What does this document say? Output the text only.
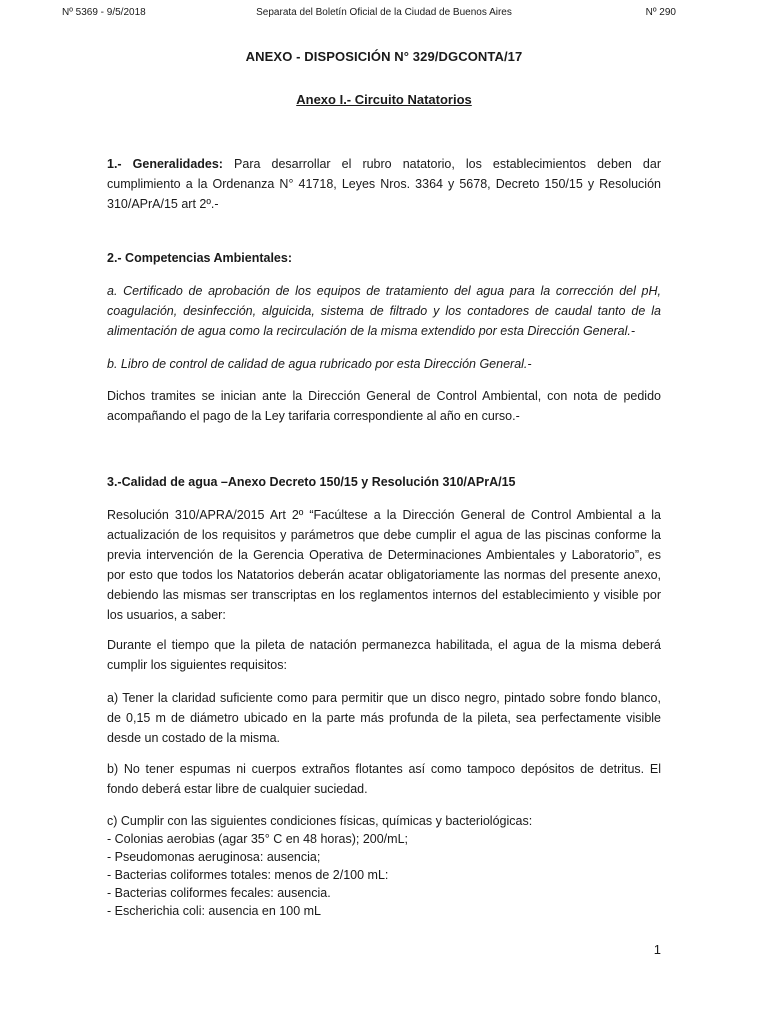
Nº 5369 - 9/5/2018	Separata del Boletín Oficial de la Ciudad de Buenos Aires	Nº 290
ANEXO - DISPOSICIÓN N° 329/DGCONTA/17
Anexo I.- Circuito Natatorios

1.- Generalidades: Para desarrollar el rubro natatorio, los establecimientos deben dar cumplimiento a la Ordenanza N° 41718, Leyes Nros. 3364 y 5678, Decreto 150/15 y Resolución 310/APrA/15 art 2º.-

2.- Competencias Ambientales:

a. Certificado de aprobación de los equipos de tratamiento del agua para la corrección del pH, coagulación, desinfección, alguicida, sistema de filtrado y los contadores de caudal tanto de la alimentación de agua como la recirculación de la misma extendido por esta Dirección General.-

b. Libro de control de calidad de agua rubricado por esta Dirección General.-

Dichos tramites se inician ante la Dirección General de Control Ambiental, con nota de pedido acompañando el pago de la Ley tarifaria correspondiente al año en curso.-

3.-Calidad de agua –Anexo Decreto 150/15 y Resolución 310/APrA/15

Resolución 310/APRA/2015 Art 2º “Facúltese a la Dirección General de Control Ambiental a la actualización de los requisitos y parámetros que debe cumplir el agua de las piscinas conforme la previa intervención de la Gerencia Operativa de Determinaciones Ambientales y Laboratorio”, es por esto que todos los Natatorios deberán acatar obligatoriamente las normas del presente anexo, debiendo las mismas ser transcriptas en los reglamentos internos del establecimiento y visible por los usuarios, a saber:

Durante el tiempo que la pileta de natación permanezca habilitada, el agua de la misma deberá cumplir los siguientes requisitos:

a) Tener la claridad suficiente como para permitir que un disco negro, pintado sobre fondo blanco, de 0,15 m de diámetro ubicado en la parte más profunda de la pileta, sea perfectamente visible desde un costado de la misma.

b) No tener espumas ni cuerpos extraños flotantes así como tampoco depósitos de detritus. El fondo deberá estar libre de cualquier suciedad.

c) Cumplir con las siguientes condiciones físicas, químicas y bacteriológicas:

- Colonias aerobias (agar 35° C en 48 horas); 200/mL;
- Pseudomonas aeruginosa: ausencia;
- Bacterias coliformes totales: menos de 2/100 mL:
- Bacterias coliformes fecales: ausencia.
- Escherichia coli: ausencia en 100 mL
1
